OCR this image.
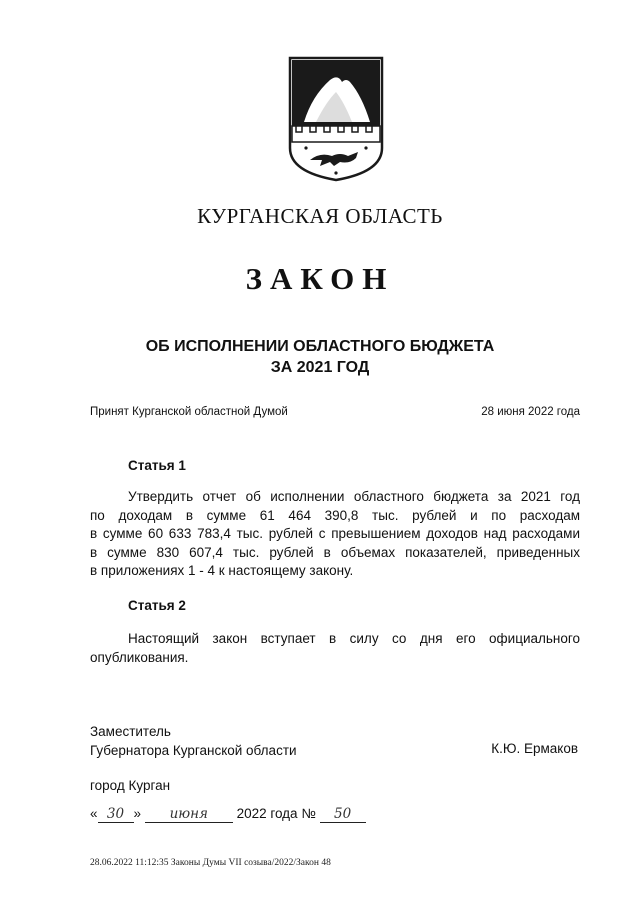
КУРГАНСКАЯ ОБЛАСТЬ
ЗАКОН
ОБ ИСПОЛНЕНИИ ОБЛАСТНОГО БЮДЖЕТА
ЗА 2021 ГОД
Принят Курганской областной Думой	28 июня 2022 года
Статья 1
Утвердить отчет об исполнении областного бюджета за 2021 год
по доходам в сумме 61 464 390,8 тыс. рублей и по расходам
в сумме 60 633 783,4 тыс. рублей с превышением доходов над расходами
в сумме 830 607,4 тыс. рублей в объемах показателей, приведенных
в приложениях 1 - 4 к настоящему закону.
Статья 2
Настоящий закон вступает в силу со дня его официального
опубликования.
Заместитель
Губернатора Курганской области	К.Ю. Ермаков
город Курган
« 30 » июня 2022 года № 50
28.06.2022 11:12:35 Законы Думы VII созыва/2022/Закон 48
